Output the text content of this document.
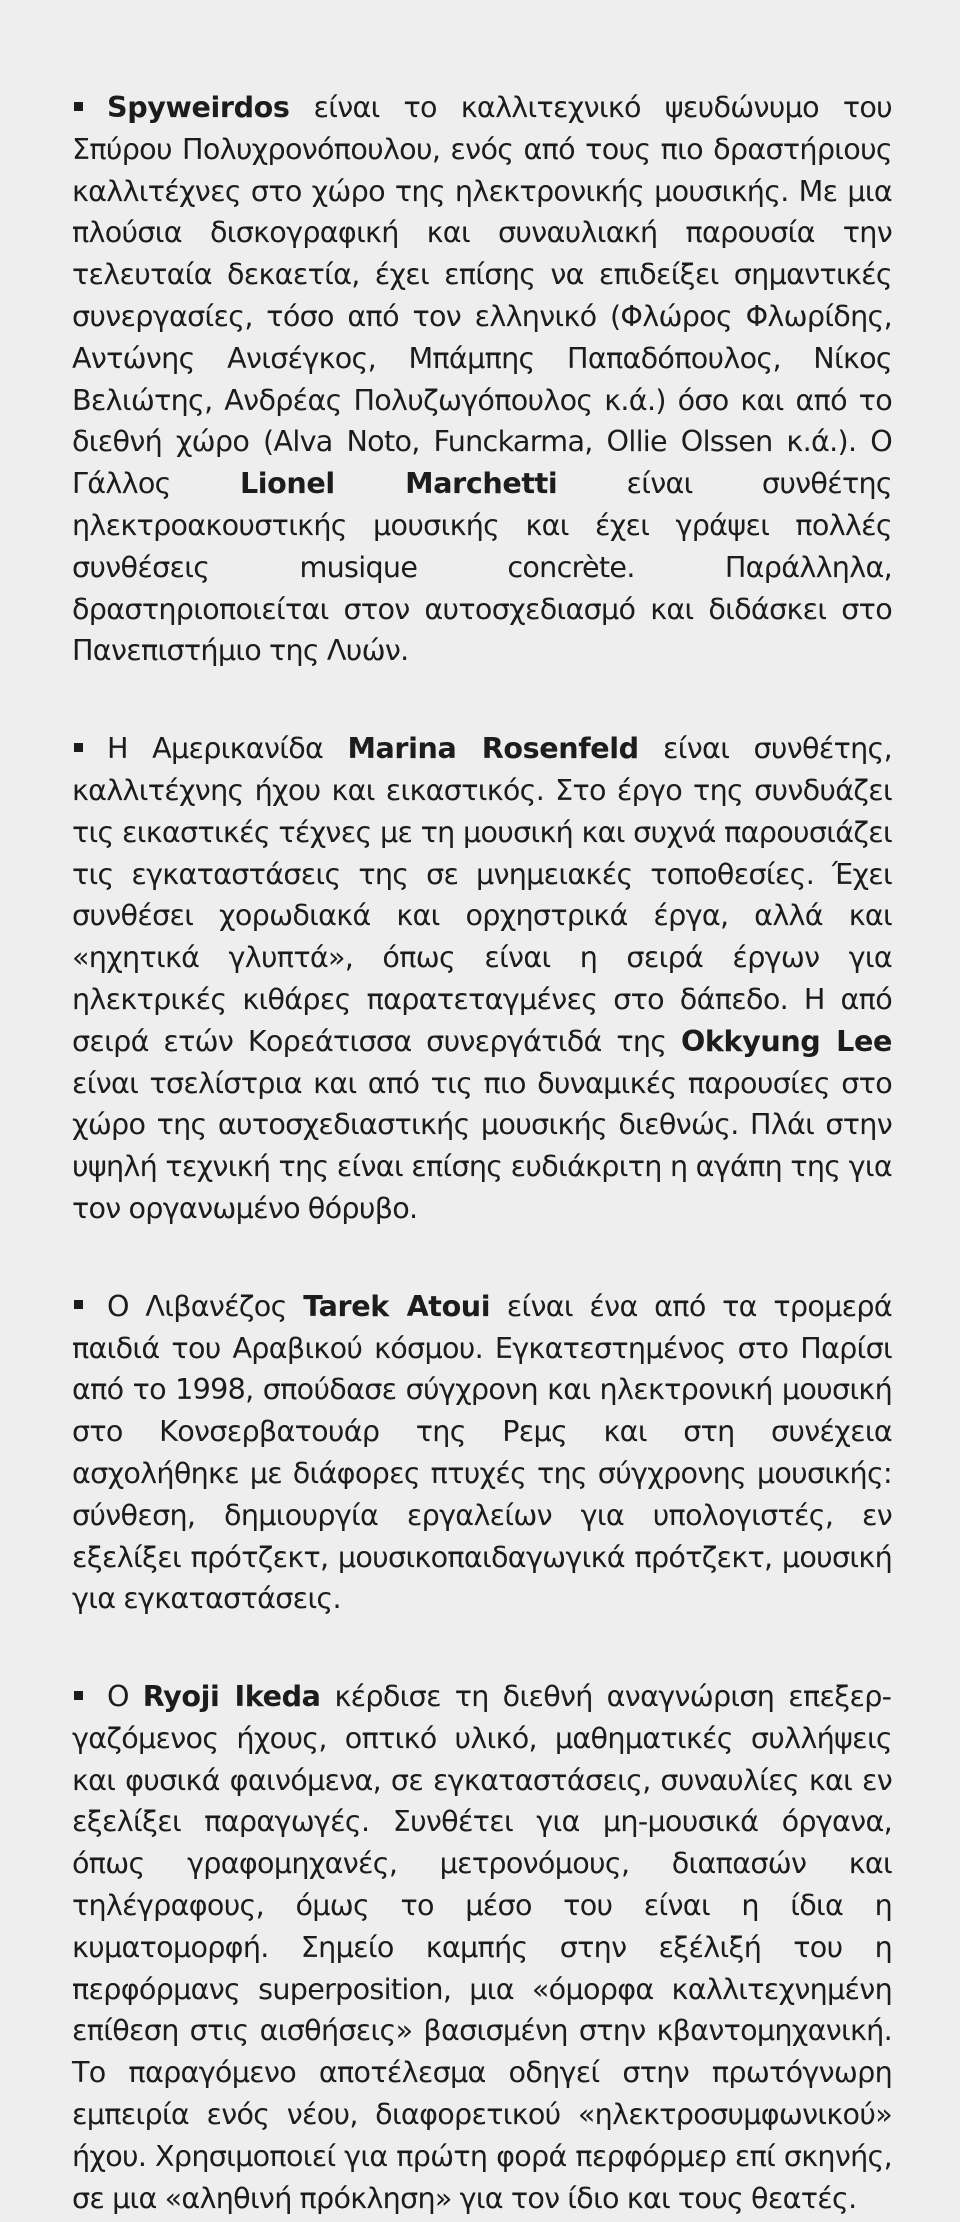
Spyweirdos είναι το καλλιτεχνικό ψευδώνυμο του Σπύρου Πολυχρονόπουλου, ενός από τους πιο δραστήριους καλλιτέχνες στο χώρο της ηλεκτρονικής μουσικής. Με μια πλούσια δισκογραφική και συναυλιακή παρουσία την τελευταία δεκαετία, έχει επίσης να επιδείξει σημαντικές συνεργασίες, τόσο από τον ελληνικό (Φλώρος Φλωρίδης, Αντώνης Ανισέγκος, Μπάμπης Παπαδόπουλος, Νίκος Βελιώτης, Ανδρέας Πολυζωγόπουλος κ.ά.) όσο και από το διεθνή χώρο (Alva Noto, Funckarma, Ollie Olssen κ.ά.). Ο Γάλλος Lionel Marchetti είναι συνθέτης ηλεκτροακουστικής μουσικής και έχει γράψει πολλές συνθέσεις musique concrète. Παράλληλα, δραστηριοποιείται στον αυτοσχεδιασμό και διδάσκει στο Πανεπιστήμιο της Λυών.

Η Αμερικανίδα Marina Rosenfeld είναι συνθέτης, καλλιτέχνης ήχου και εικαστικός. Στο έργο της συνδυάζει τις εικαστικές τέχνες με τη μουσική και συχνά παρουσιάζει τις εγκαταστάσεις της σε μνημειακές τοποθεσίες. Έχει συνθέσει χορωδιακά και ορχηστρικά έργα, αλλά και «ηχητικά γλυπτά», όπως είναι η σειρά έργων για ηλεκτρικές κιθάρες παρατεταγμένες στο δάπεδο. Η από σειρά ετών Κορεάτισσα συνεργάτιδά της Okkyung Lee είναι τσελίστρια και από τις πιο δυναμικές παρουσίες στο χώρο της αυτοσχεδιαστικής μουσικής διεθνώς. Πλάι στην υψηλή τεχνική της είναι επίσης ευδιάκριτη η αγάπη της για τον οργανωμένο θόρυβο.

Ο Λιβανέζος Tarek Atoui είναι ένα από τα τρομερά παιδιά του Αραβικού κόσμου. Εγκατεστημένος στο Παρίσι από το 1998, σπούδασε σύγχρονη και ηλεκτρονική μουσική στο Κονσερβατουάρ της Ρεμς και στη συνέχεια ασχολήθηκε με διάφορες πτυχές της σύγχρονης μουσικής: σύνθεση, δημιουργία εργαλείων για υπολογιστές, εν εξελίξει πρότζεκτ, μουσικοπαιδαγωγικά πρότζεκτ, μουσική για εγκαταστάσεις.

Ο Ryoji Ikeda κέρδισε τη διεθνή αναγνώριση επεξεργαζόμενος ήχους, οπτικό υλικό, μαθηματικές συλλήψεις και φυσικά φαινόμενα, σε εγκαταστάσεις, συναυλίες και εν εξελίξει παραγωγές. Συνθέτει για μη-μουσικά όργανα, όπως γραφομηχανές, μετρονόμους, διαπασών και τηλέγραφους, όμως το μέσο του είναι η ίδια η κυματομορφή. Σημείο καμπής στην εξέλιξή του η περφόρμανς superposition, μια «όμορφα καλλιτεχνημένη επίθεση στις αισθήσεις» βασισμένη στην κβαντομηχανική. Το παραγόμενο αποτέλεσμα οδηγεί στην πρωτόγνωρη εμπειρία ενός νέου, διαφορετικού «ηλεκτροσυμφωνικού» ήχου. Χρησιμοποιεί για πρώτη φορά περφόρμερ επί σκηνής, σε μια «αληθινή πρόκληση» για τον ίδιο και τους θεατές.
